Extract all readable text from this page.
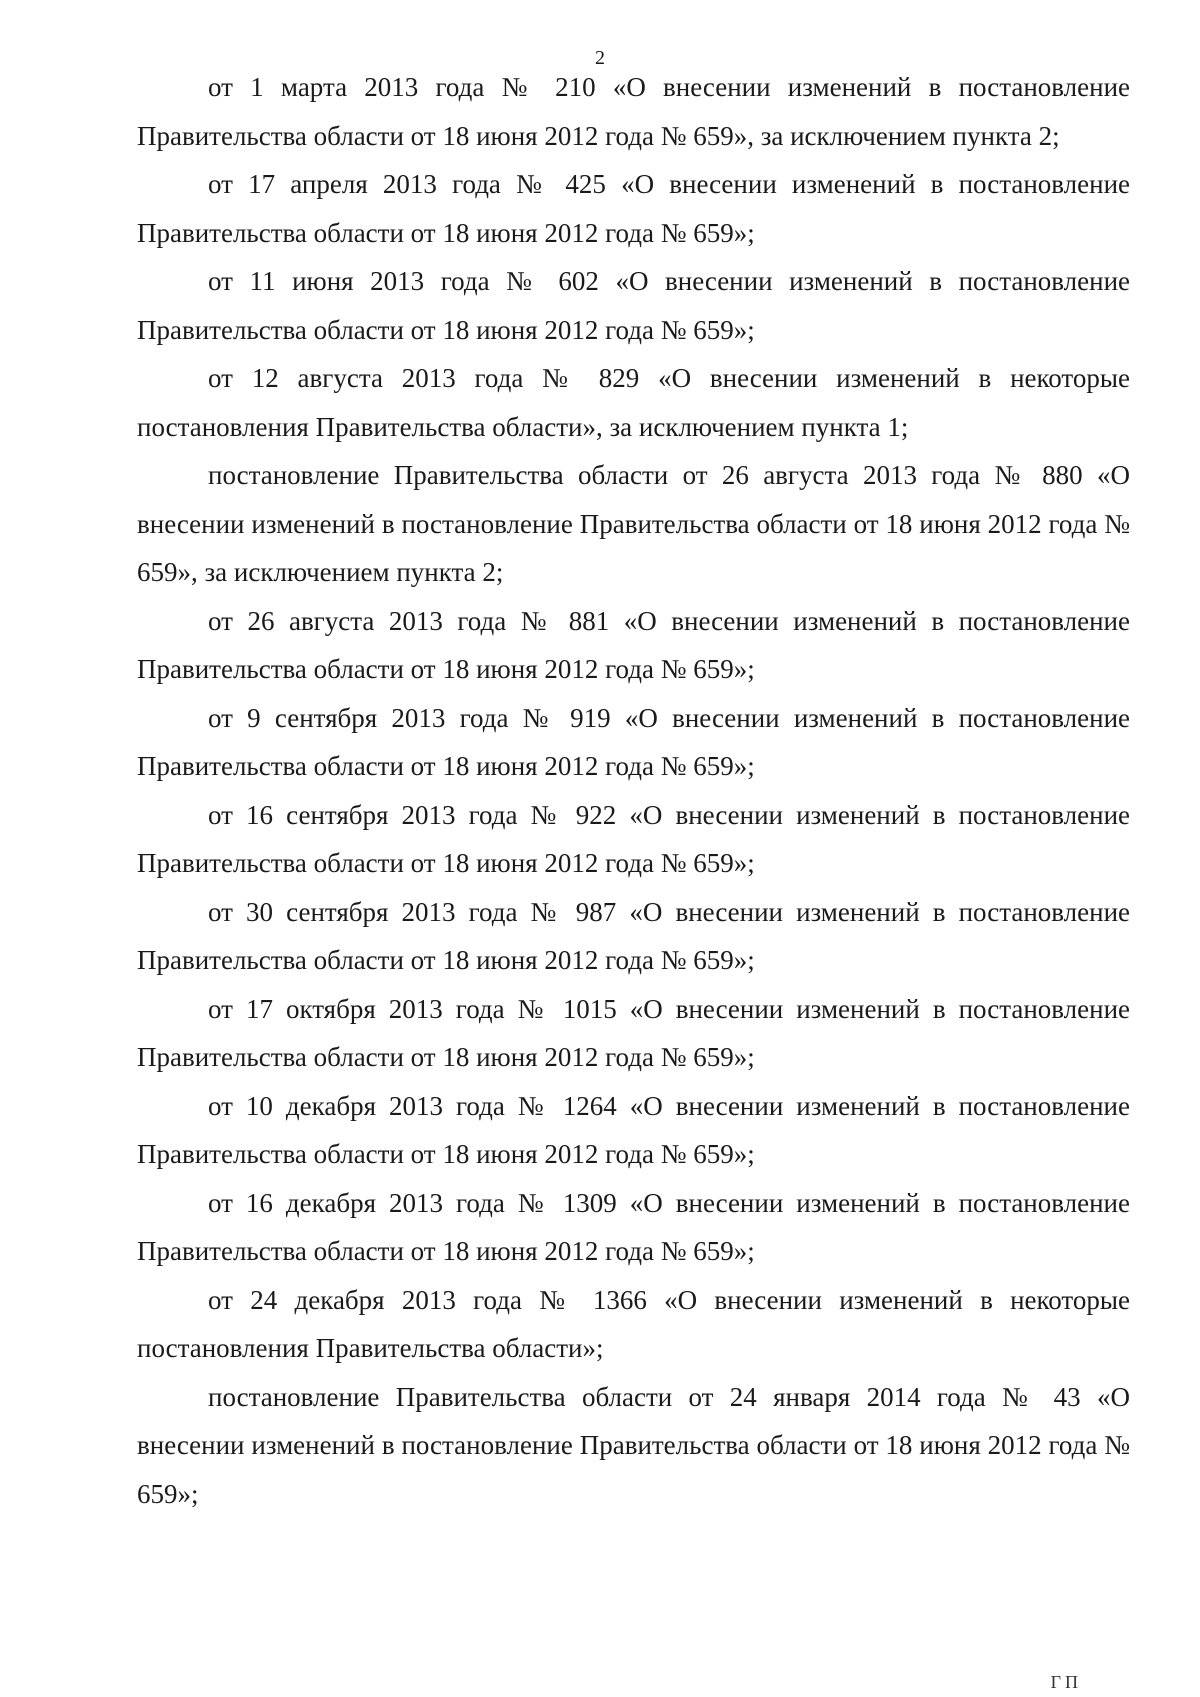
2

от 1 марта 2013 года № 210 «О внесении изменений в постановление Правительства области от 18 июня 2012 года № 659», за исключением пункта 2;

от 17 апреля 2013 года № 425 «О внесении изменений в постановление Правительства области от 18 июня 2012 года № 659»;

от 11 июня 2013 года № 602 «О внесении изменений в постановление Правительства области от 18 июня 2012 года № 659»;

от 12 августа 2013 года № 829 «О внесении изменений в некоторые постановления Правительства области», за исключением пункта 1;

постановление Правительства области от 26 августа 2013 года № 880 «О внесении изменений в постановление Правительства области от 18 июня 2012 года № 659», за исключением пункта 2;

от 26 августа 2013 года № 881 «О внесении изменений в постановление Правительства области от 18 июня 2012 года № 659»;

от 9 сентября 2013 года № 919 «О внесении изменений в постановление Правительства области от 18 июня 2012 года № 659»;

от 16 сентября 2013 года № 922 «О внесении изменений в постановление Правительства области от 18 июня 2012 года № 659»;

от 30 сентября 2013 года № 987 «О внесении изменений в постановление Правительства области от 18 июня 2012 года № 659»;

от 17 октября 2013 года № 1015 «О внесении изменений в постановление Правительства области от 18 июня 2012 года № 659»;

от 10 декабря 2013 года № 1264 «О внесении изменений в постановление Правительства области от 18 июня 2012 года № 659»;

от 16 декабря 2013 года № 1309 «О внесении изменений в постановление Правительства области от 18 июня 2012 года № 659»;

от 24 декабря 2013 года № 1366 «О внесении изменений в некоторые постановления Правительства области»;

постановление Правительства области от 24 января 2014 года № 43 «О внесении изменений в постановление Правительства области от 18 июня 2012 года № 659»;

ГП
